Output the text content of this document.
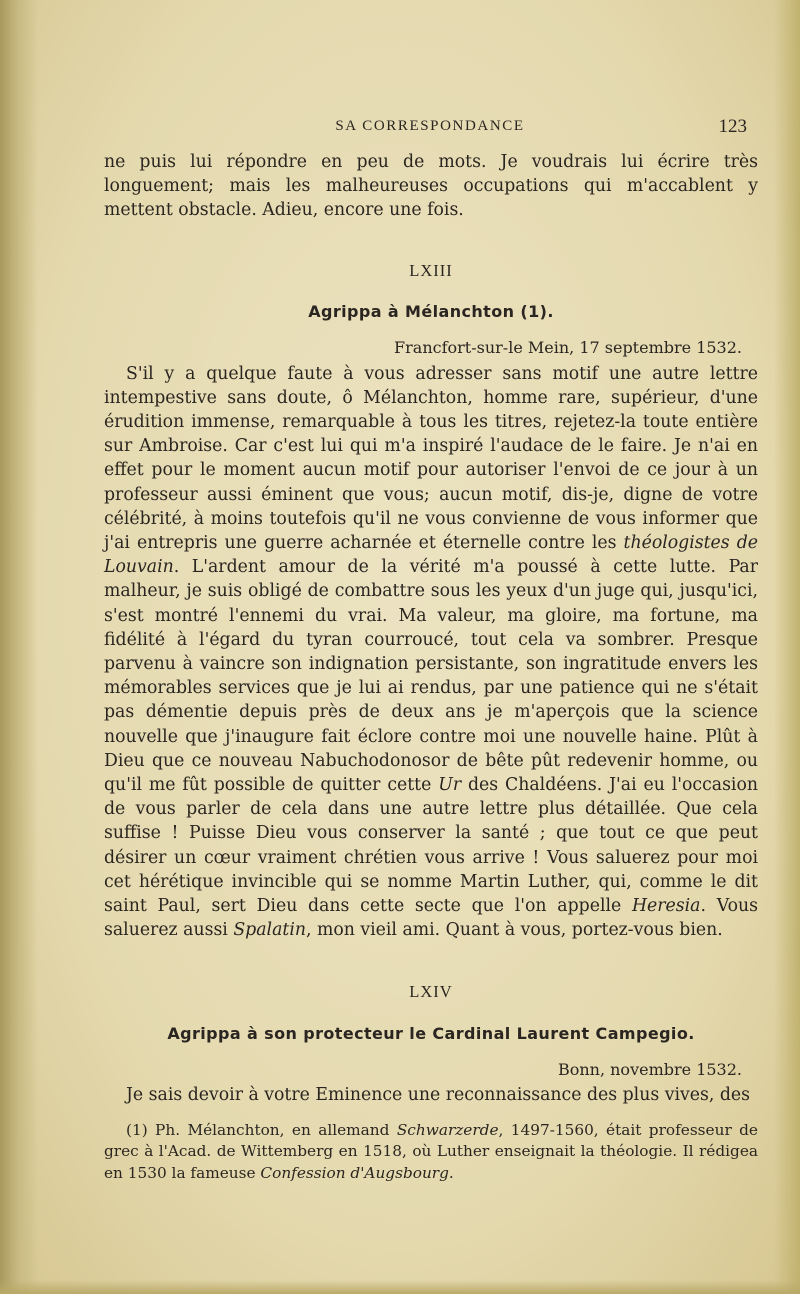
SA CORRESPONDANCE	123

ne puis lui répondre en peu de mots. Je voudrais lui écrire très longuement; mais les malheureuses occupations qui m'accablent y mettent obstacle. Adieu, encore une fois.

LXIII
Agrippa à Mélanchton (1).
Francfort-sur-le Mein, 17 septembre 1532.

S'il y a quelque faute à vous adresser sans motif une autre lettre intempestive sans doute, ô Mélanchton, homme rare, supérieur, d'une érudition immense, remarquable à tous les titres, rejetez-la toute entière sur Ambroise. Car c'est lui qui m'a inspiré l'audace de le faire. Je n'ai en effet pour le moment aucun motif pour autoriser l'envoi de ce jour à un professeur aussi éminent que vous; aucun motif, dis-je, digne de votre célébrité, à moins toutefois qu'il ne vous convienne de vous informer que j'ai entrepris une guerre acharnée et éternelle contre les théologistes de Louvain. L'ardent amour de la vérité m'a poussé à cette lutte. Par malheur, je suis obligé de combattre sous les yeux d'un juge qui, jusqu'ici, s'est montré l'ennemi du vrai. Ma valeur, ma gloire, ma fortune, ma fidélité à l'égard du tyran courroucé, tout cela va sombrer. Presque parvenu à vaincre son indignation persistante, son ingratitude envers les mémorables services que je lui ai rendus, par une patience qui ne s'était pas démentie depuis près de deux ans je m'aperçois que la science nouvelle que j'inaugure fait éclore contre moi une nouvelle haine. Plût à Dieu que ce nouveau Nabuchodonosor de bête pût redevenir homme, ou qu'il me fût possible de quitter cette Ur des Chaldéens. J'ai eu l'occasion de vous parler de cela dans une autre lettre plus détaillée. Que cela suffise ! Puisse Dieu vous conserver la santé ; que tout ce que peut désirer un cœur vraiment chrétien vous arrive ! Vous saluerez pour moi cet hérétique invincible qui se nomme Martin Luther, qui, comme le dit saint Paul, sert Dieu dans cette secte que l'on appelle Heresia. Vous saluerez aussi Spalatin, mon vieil ami. Quant à vous, portez-vous bien.

LXIV
Agrippa à son protecteur le Cardinal Laurent Campegio.
Bonn, novembre 1532.

Je sais devoir à votre Eminence une reconnaissance des plus vives, des

(1) Ph. Mélanchton, en allemand Schwarzerde, 1497-1560, était professeur de grec à l'Acad. de Wittemberg en 1518, où Luther enseignait la théologie. Il rédigea en 1530 la fameuse Confession d'Augsbourg.
